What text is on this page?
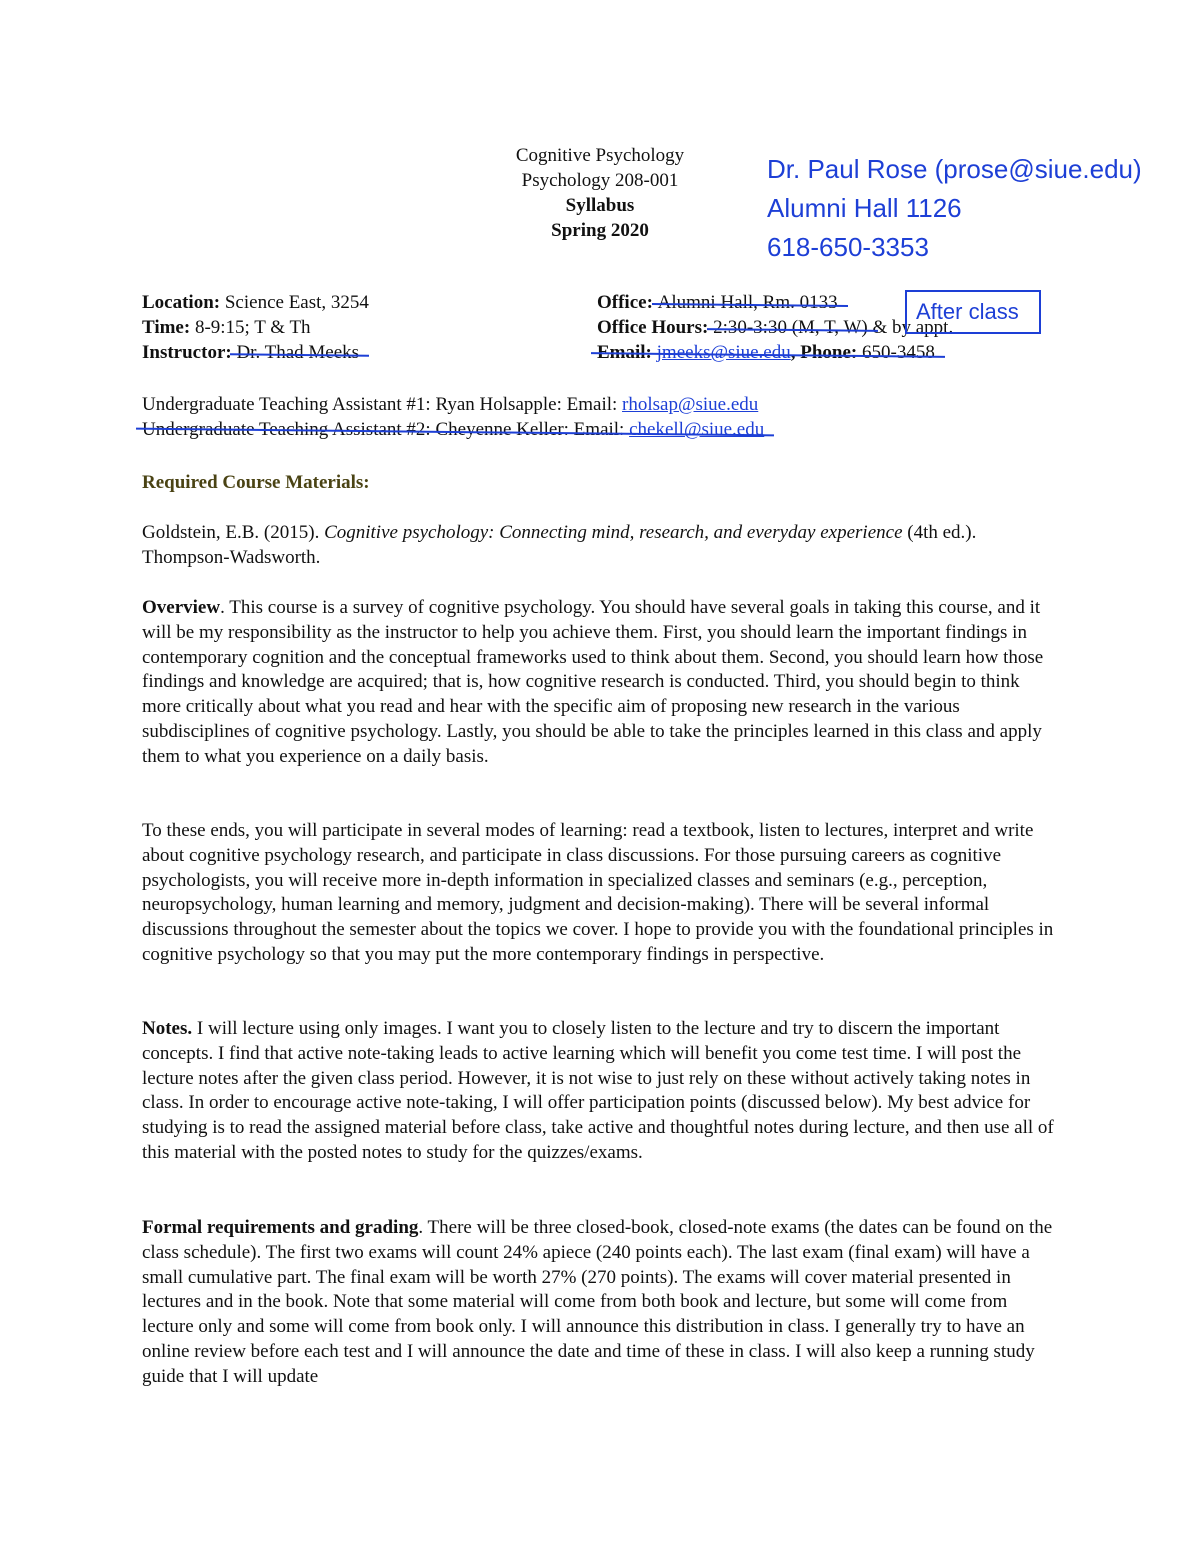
Cognitive Psychology
Psychology 208-001
Syllabus
Spring 2020
Dr. Paul Rose (prose@siue.edu)
Alumni Hall 1126
618-650-3353
Location: Science East, 3254
Time: 8-9:15; T & Th
Instructor: Dr. Thad Meeks
Office: Alumni Hall, Rm. 0133
Office Hours: 2:30-3:30 (M, T, W) & by appt.
Email: jmeeks@siue.edu, Phone: 650-3458
After class
Undergraduate Teaching Assistant #1: Ryan Holsapple: Email: rholsap@siue.edu
Undergraduate Teaching Assistant #2: Cheyenne Keller: Email: chekell@siue.edu
Required Course Materials:

Goldstein, E.B. (2015). Cognitive psychology: Connecting mind, research, and everyday experience (4th ed.). Thompson-Wadsworth.

Overview. This course is a survey of cognitive psychology. You should have several goals in taking this course, and it will be my responsibility as the instructor to help you achieve them. First, you should learn the important findings in contemporary cognition and the conceptual frameworks used to think about them. Second, you should learn how those findings and knowledge are acquired; that is, how cognitive research is conducted. Third, you should begin to think more critically about what you read and hear with the specific aim of proposing new research in the various subdisciplines of cognitive psychology. Lastly, you should be able to take the principles learned in this class and apply them to what you experience on a daily basis.

To these ends, you will participate in several modes of learning: read a textbook, listen to lectures, interpret and write about cognitive psychology research, and participate in class discussions. For those pursuing careers as cognitive psychologists, you will receive more in-depth information in specialized classes and seminars (e.g., perception, neuropsychology, human learning and memory, judgment and decision-making). There will be several informal discussions throughout the semester about the topics we cover. I hope to provide you with the foundational principles in cognitive psychology so that you may put the more contemporary findings in perspective.

Notes. I will lecture using only images. I want you to closely listen to the lecture and try to discern the important concepts. I find that active note-taking leads to active learning which will benefit you come test time. I will post the lecture notes after the given class period. However, it is not wise to just rely on these without actively taking notes in class. In order to encourage active note-taking, I will offer participation points (discussed below). My best advice for studying is to read the assigned material before class, take active and thoughtful notes during lecture, and then use all of this material with the posted notes to study for the quizzes/exams.

Formal requirements and grading. There will be three closed-book, closed-note exams (the dates can be found on the class schedule). The first two exams will count 24% apiece (240 points each). The last exam (final exam) will have a small cumulative part. The final exam will be worth 27% (270 points). The exams will cover material presented in lectures and in the book. Note that some material will come from both book and lecture, but some will come from lecture only and some will come from book only. I will announce this distribution in class. I generally try to have an online review before each test and I will announce the date and time of these in class. I will also keep a running study guide that I will update
